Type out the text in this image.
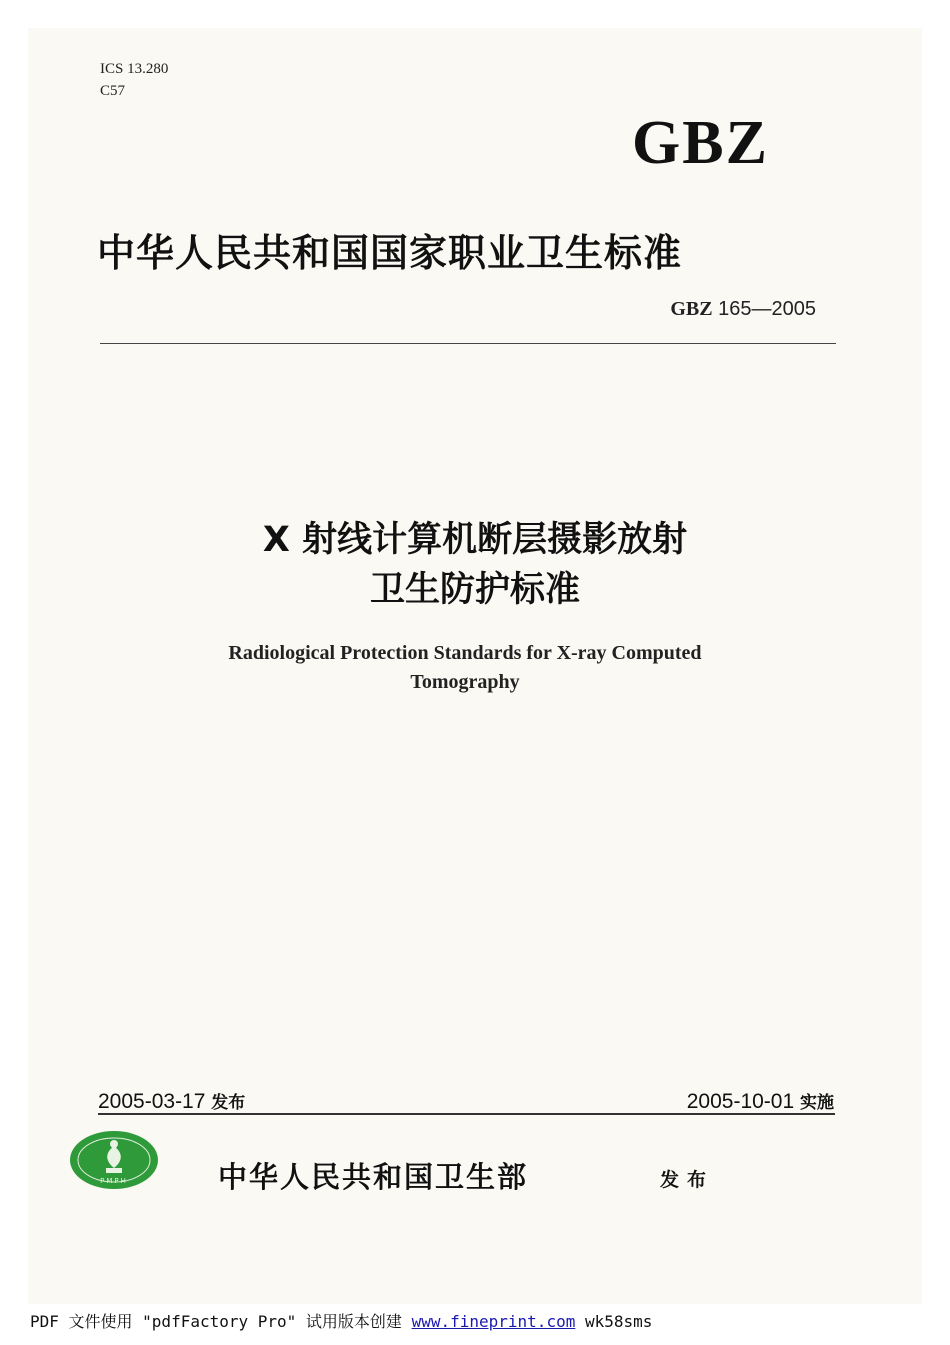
ICS 13.280
C57
GBZ
中华人民共和国国家职业卫生标准
GBZ 165—2005
X 射线计算机断层摄影放射
卫生防护标准
Radiological Protection Standards for X-ray Computed
Tomography
2005-03-17 发布	2005-10-01 实施
PMPH	中华人民共和国卫生部	发布
PDF 文件使用 "pdfFactory Pro" 试用版本创建 www.fineprint.com wk58sms
